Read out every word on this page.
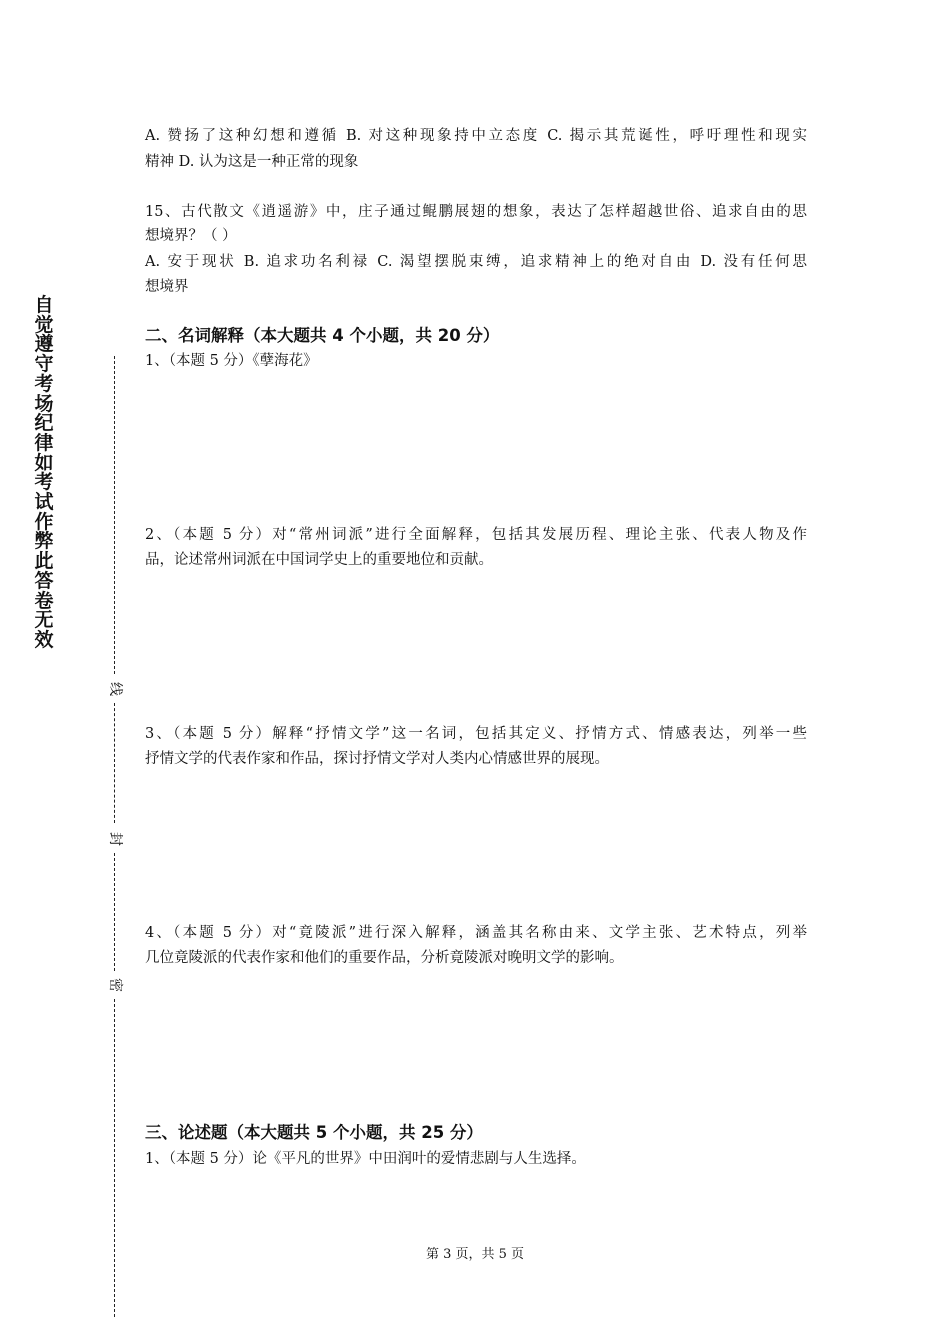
自觉遵守考场纪律如考试作弊此答卷无效
线
封
密
A. 赞扬了这种幻想和遵循 B. 对这种现象持中立态度 C. 揭示其荒诞性，呼吁理性和现实
精神 D. 认为这是一种正常的现象
15、古代散文《逍遥游》中，庄子通过鲲鹏展翅的想象，表达了怎样超越世俗、追求自由的思
想境界？（ ）
A. 安于现状 B. 追求功名利禄 C. 渴望摆脱束缚，追求精神上的绝对自由 D. 没有任何思
想境界
二、名词解释（本大题共 4 个小题，共 20 分）
1、（本题 5 分）《孽海花》
2、（本题 5 分）对“常州词派”进行全面解释，包括其发展历程、理论主张、代表人物及作
品，论述常州词派在中国词学史上的重要地位和贡献。
3、（本题 5 分）解释“抒情文学”这一名词，包括其定义、抒情方式、情感表达，列举一些
抒情文学的代表作家和作品，探讨抒情文学对人类内心情感世界的展现。
4、（本题 5 分）对“竟陵派”进行深入解释，涵盖其名称由来、文学主张、艺术特点，列举
几位竟陵派的代表作家和他们的重要作品，分析竟陵派对晚明文学的影响。
三、论述题（本大题共 5 个小题，共 25 分）
1、（本题 5 分）论《平凡的世界》中田润叶的爱情悲剧与人生选择。
第 3 页，共 5 页
